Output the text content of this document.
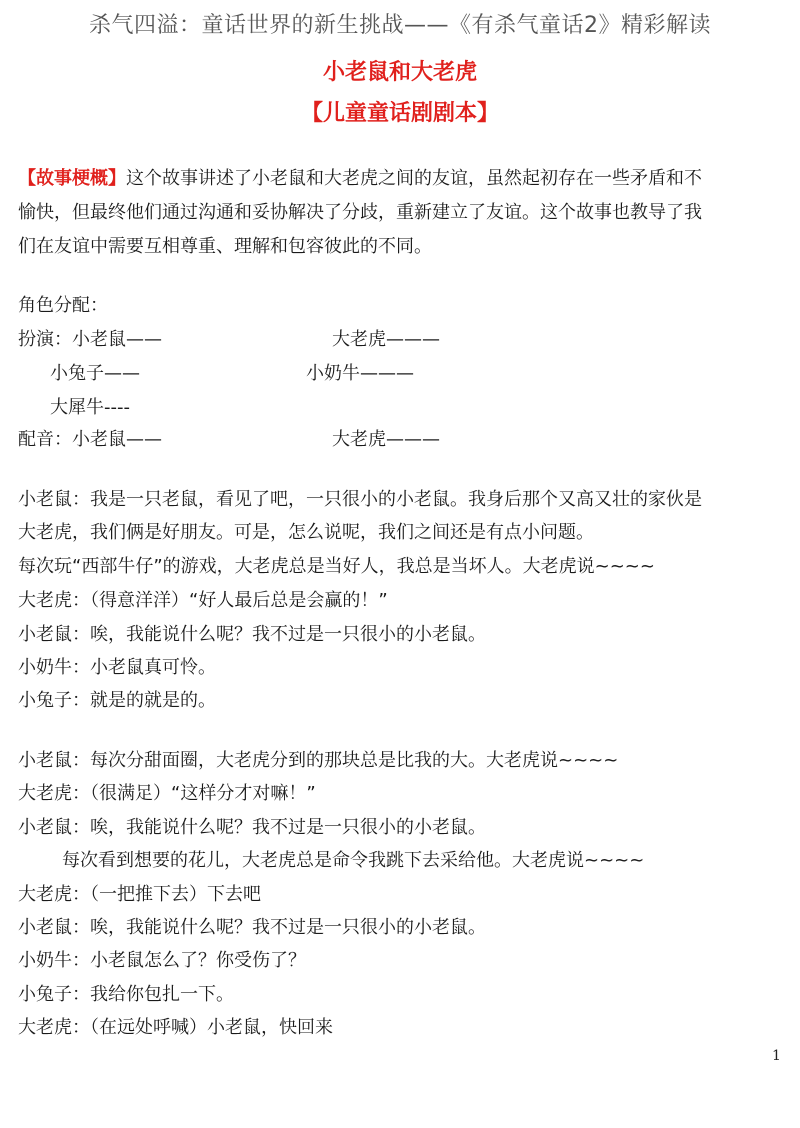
杀气四溢：童话世界的新生挑战——《有杀气童话2》精彩解读
小老鼠和大老虎
【儿童童话剧剧本】
【故事梗概】这个故事讲述了小老鼠和大老虎之间的友谊，虽然起初存在一些矛盾和不
愉快，但最终他们通过沟通和妥协解决了分歧，重新建立了友谊。这个故事也教导了我
们在友谊中需要互相尊重、理解和包容彼此的不同。
角色分配：
扮演：小老鼠——	大老虎———
小兔子——	小奶牛———
大犀牛----
配音：小老鼠——	大老虎———
小老鼠：我是一只老鼠，看见了吧，一只很小的小老鼠。我身后那个又高又壮的家伙是
大老虎，我们俩是好朋友。可是，怎么说呢，我们之间还是有点小问题。
每次玩“西部牛仔”的游戏，大老虎总是当好人，我总是当坏人。大老虎说~~~~
大老虎：（得意洋洋）“好人最后总是会赢的！”
小老鼠：唉，我能说什么呢？我不过是一只很小的小老鼠。
小奶牛：小老鼠真可怜。
小兔子：就是的就是的。
小老鼠：每次分甜面圈，大老虎分到的那块总是比我的大。大老虎说~~~~
大老虎：（很满足）“这样分才对嘛！”
小老鼠：唉，我能说什么呢？我不过是一只很小的小老鼠。
每次看到想要的花儿，大老虎总是命令我跳下去采给他。大老虎说~~~~
大老虎：（一把推下去）下去吧
小老鼠：唉，我能说什么呢？我不过是一只很小的小老鼠。
小奶牛：小老鼠怎么了？你受伤了？
小兔子：我给你包扎一下。
大老虎：（在远处呼喊）小老鼠，快回来
1
